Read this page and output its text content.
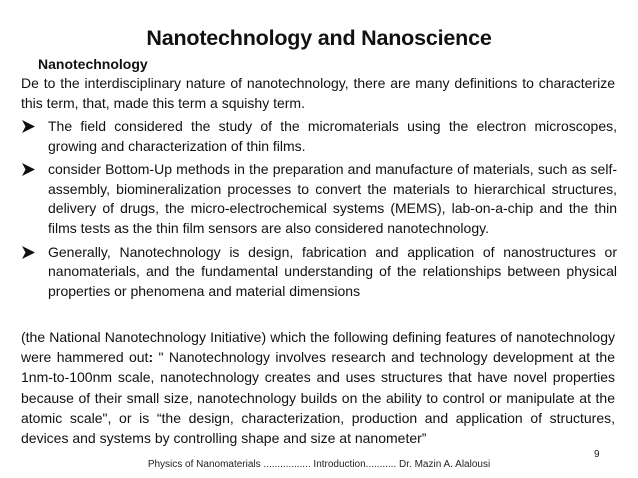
Nanotechnology and Nanoscience
Nanotechnology
De to the interdisciplinary nature of nanotechnology, there are many definitions to characterize this term, that, made this term a squishy term.
The field considered the study of the micromaterials using the electron microscopes, growing and characterization of thin films.
consider Bottom-Up methods in the preparation and manufacture of materials, such as self-assembly, biomineralization processes to convert the materials to hierarchical structures, delivery of drugs, the micro-electrochemical systems (MEMS), lab-on-a-chip and the thin films tests as the thin film sensors are also considered nanotechnology.
Generally, Nanotechnology is design, fabrication and application of nanostructures or nanomaterials, and the fundamental understanding of the relationships between physical properties or phenomena and material dimensions
(the National Nanotechnology Initiative) which the following defining features of nanotechnology were hammered out: " Nanotechnology involves research and technology development at the 1nm-to-100nm scale, nanotechnology creates and uses structures that have novel properties because of their small size, nanotechnology builds on the ability to control or manipulate at the atomic scale", or is “the design, characterization, production and application of structures, devices and systems by controlling shape and size at nanometer”
Physics of Nanomaterials ................. Introduction........... Dr. Mazin A. Alalousi
9
